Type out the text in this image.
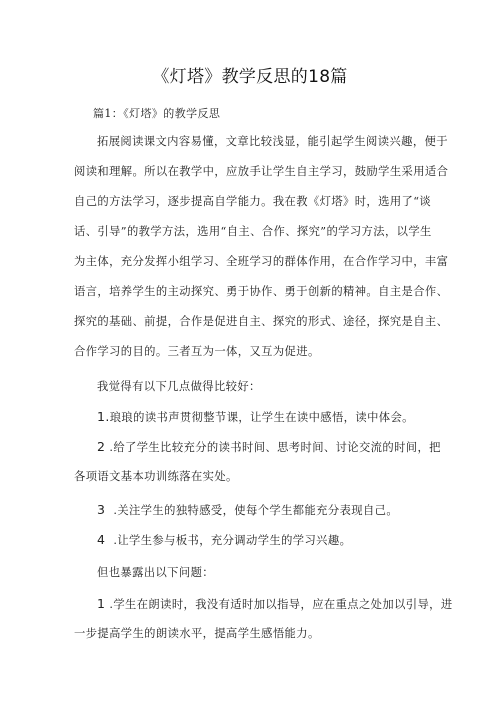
《灯塔》教学反思的18篇
篇1：《灯塔》的教学反思
拓展阅读课文内容易懂，文章比较浅显，能引起学生阅读兴趣，便于
阅读和理解。所以在教学中，应放手让学生自主学习，鼓励学生采用适合
自己的方法学习，逐步提高自学能力。我在教《灯塔》时，选用了“谈
话、引导”的教学方法，选用“自主、合作、探究”的学习方法，以学生
为主体，充分发挥小组学习、全班学习的群体作用，在合作学习中，丰富
语言，培养学生的主动探究、勇于协作、勇于创新的精神。自主是合作、
探究的基础、前提，合作是促进自主、探究的形式、途径，探究是自主、
合作学习的目的。三者互为一体，又互为促进。
我觉得有以下几点做得比较好：
1.琅琅的读书声贯彻整节课，让学生在读中感悟，读中体会。
2 .给了学生比较充分的读书时间、思考时间、讨论交流的时间，把
各项语文基本功训练落在实处。
3  .关注学生的独特感受，使每个学生都能充分表现自己。
4  .让学生参与板书，充分调动学生的学习兴趣。
但也暴露出以下问题：
1 .学生在朗读时，我没有适时加以指导，应在重点之处加以引导，进
一步提高学生的朗读水平，提高学生感悟能力。
